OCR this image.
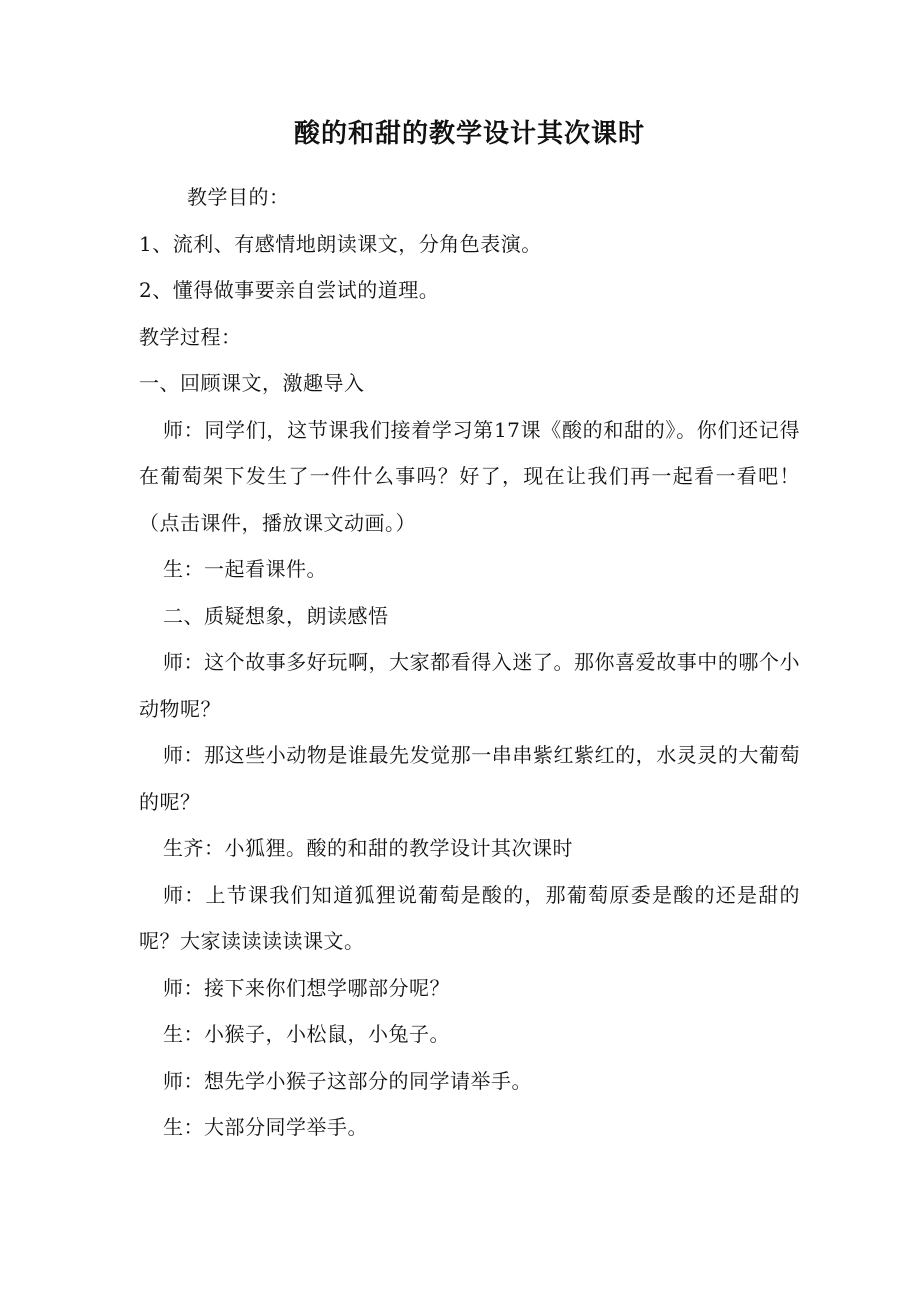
酸的和甜的教学设计其次课时

教学目的：

1、流利、有感情地朗读课文，分角色表演。

2、懂得做事要亲自尝试的道理。

教学过程：

一、回顾课文，激趣导入

师：同学们，这节课我们接着学习第17课《酸的和甜的》。你们还记得在葡萄架下发生了一件什么事吗？好了，现在让我们再一起看一看吧！（点击课件，播放课文动画。）

生：一起看课件。

二、质疑想象，朗读感悟

师：这个故事多好玩啊，大家都看得入迷了。那你喜爱故事中的哪个小动物呢？

师：那这些小动物是谁最先发觉那一串串紫红紫红的，水灵灵的大葡萄的呢？

生齐：小狐狸。酸的和甜的教学设计其次课时

师：上节课我们知道狐狸说葡萄是酸的，那葡萄原委是酸的还是甜的呢？大家读读读读课文。

师：接下来你们想学哪部分呢？

生：小猴子，小松鼠，小兔子。

师：想先学小猴子这部分的同学请举手。

生：大部分同学举手。
